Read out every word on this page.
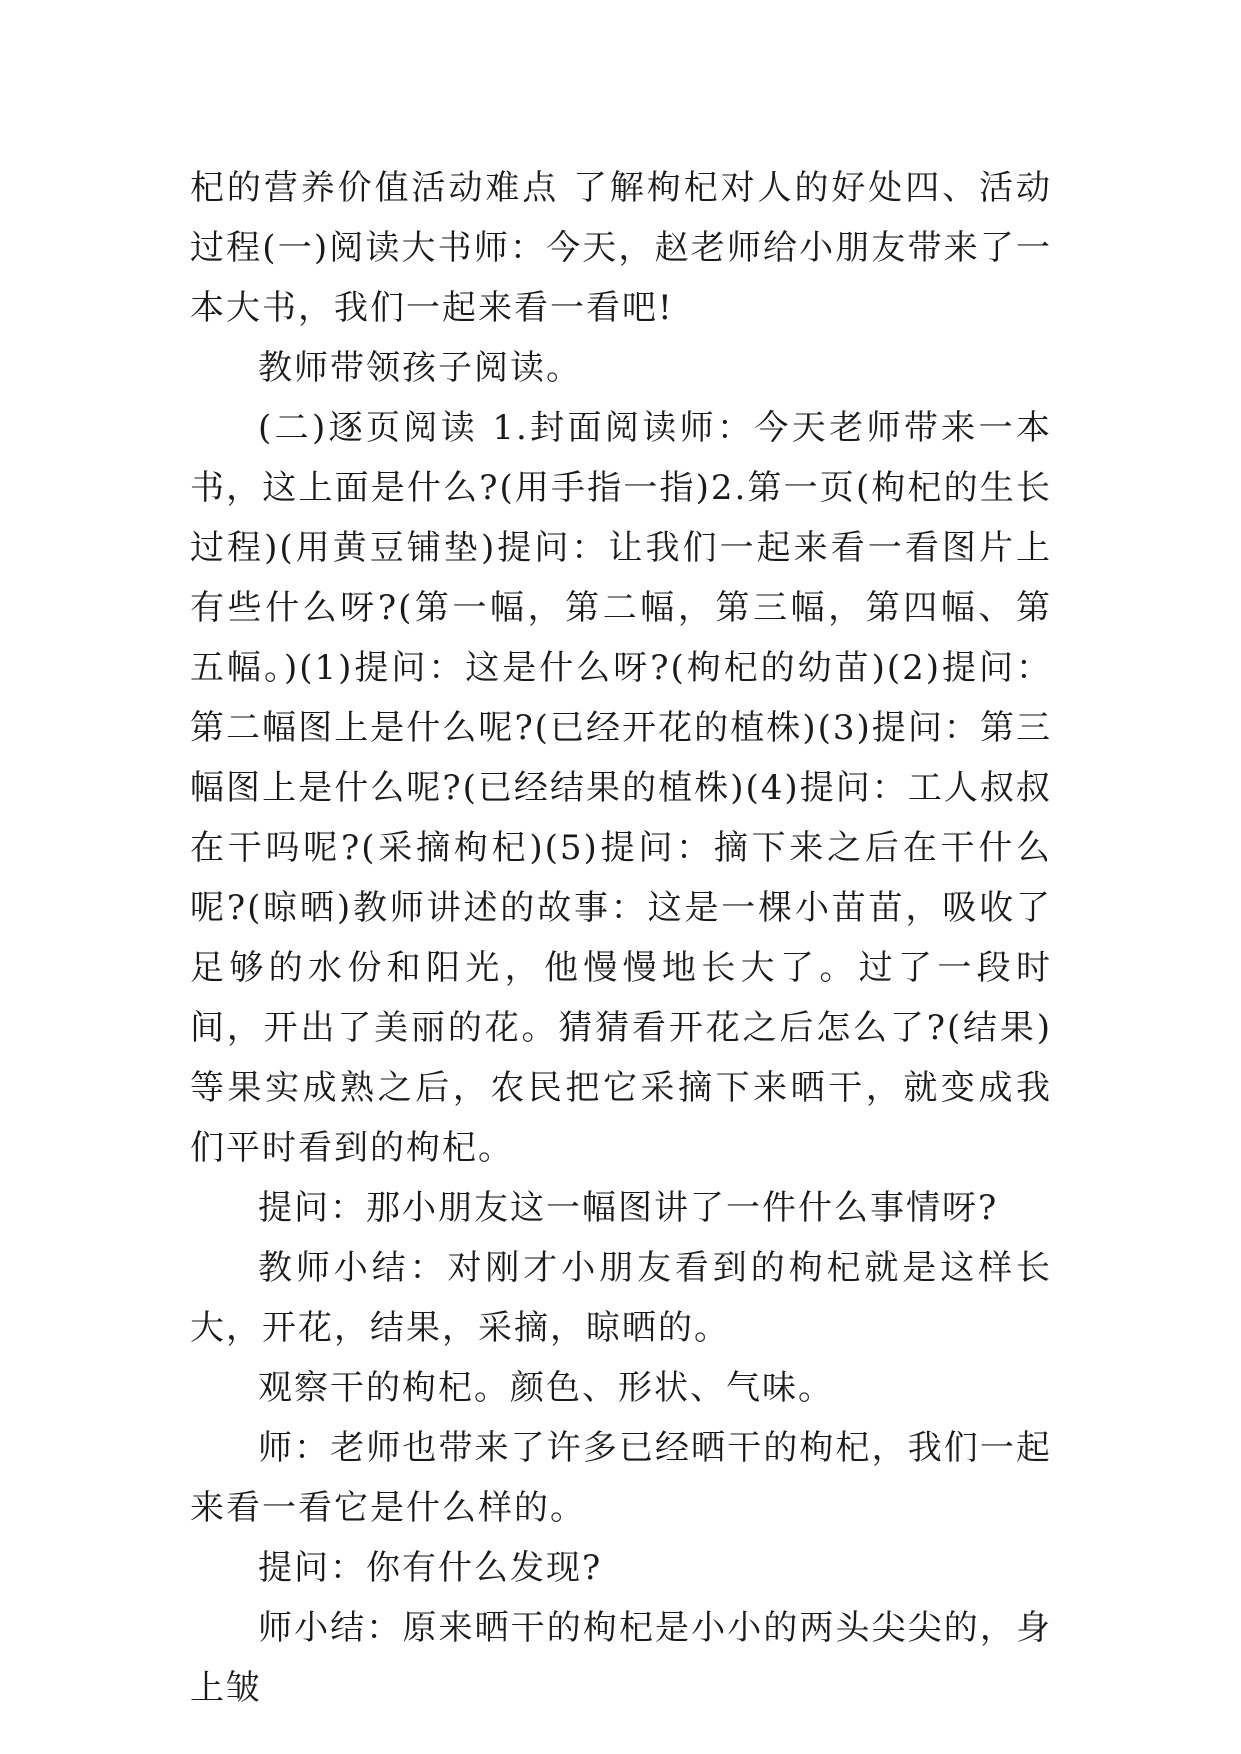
杞的营养价值活动难点 了解枸杞对人的好处四、活动过程(一)阅读大书师：今天，赵老师给小朋友带来了一本大书，我们一起来看一看吧!

教师带领孩子阅读。

(二)逐页阅读 1.封面阅读师：今天老师带来一本书，这上面是什么?(用手指一指)2.第一页(枸杞的生长过程)(用黄豆铺垫)提问：让我们一起来看一看图片上有些什么呀?(第一幅，第二幅，第三幅，第四幅、第五幅。)(1)提问：这是什么呀?(枸杞的幼苗)(2)提问：第二幅图上是什么呢?(已经开花的植株)(3)提问：第三幅图上是什么呢?(已经结果的植株)(4)提问：工人叔叔在干吗呢?(采摘枸杞)(5)提问：摘下来之后在干什么呢?(晾晒)教师讲述的故事：这是一棵小苗苗，吸收了足够的水份和阳光，他慢慢地长大了。过了一段时间，开出了美丽的花。猜猜看开花之后怎么了?(结果)等果实成熟之后，农民把它采摘下来晒干，就变成我们平时看到的枸杞。

提问：那小朋友这一幅图讲了一件什么事情呀?

教师小结：对刚才小朋友看到的枸杞就是这样长大，开花，结果，采摘，晾晒的。

观察干的枸杞。颜色、形状、气味。

师：老师也带来了许多已经晒干的枸杞，我们一起来看一看它是什么样的。

提问：你有什么发现?

师小结：原来晒干的枸杞是小小的两头尖尖的，身上皱
